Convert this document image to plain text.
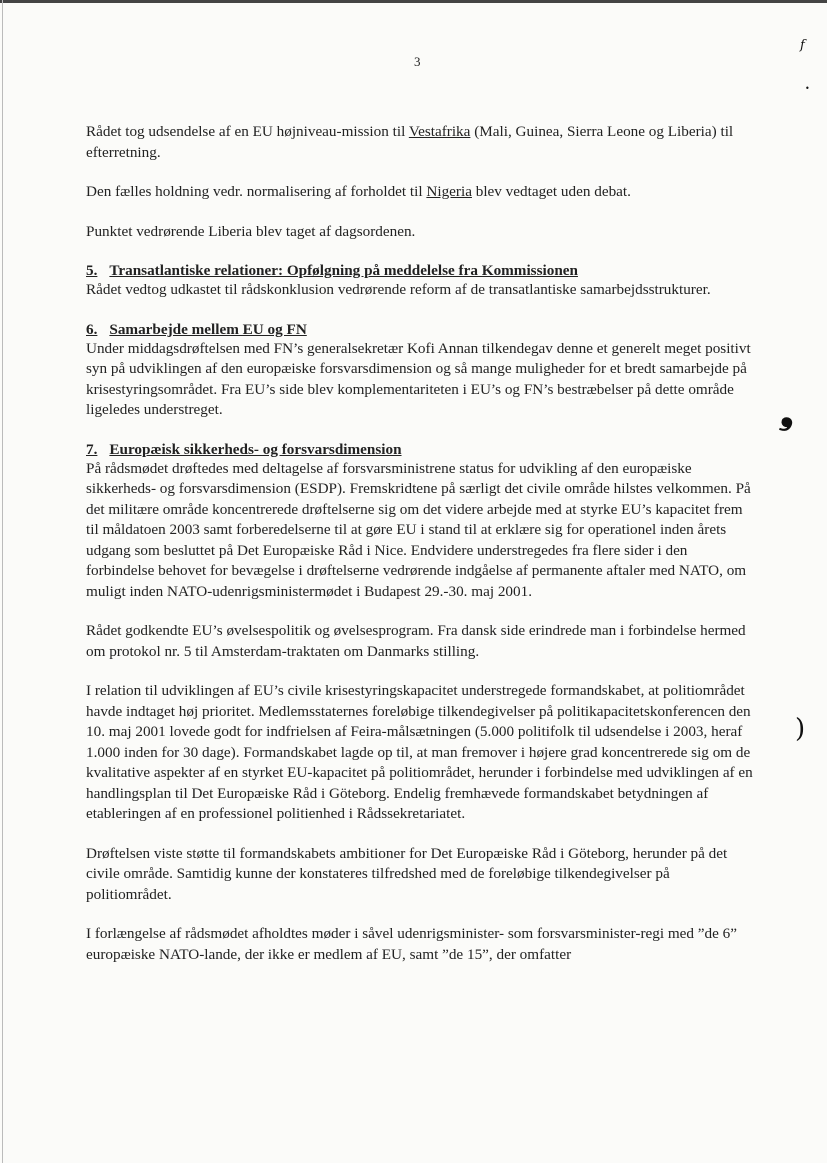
f
•
❟
)
3

Rådet tog udsendelse af en EU højniveau-mission til Vestafrika (Mali, Guinea, Sierra Leone og Liberia) til efterretning.

Den fælles holdning vedr. normalisering af forholdet til Nigeria blev vedtaget uden debat.

Punktet vedrørende Liberia blev taget af dagsordenen.

5. Transatlantiske relationer: Opfølgning på meddelelse fra Kommissionen

Rådet vedtog udkastet til rådskonklusion vedrørende reform af de transatlantiske samarbejdsstrukturer.

6. Samarbejde mellem EU og FN

Under middagsdrøftelsen med FN’s generalsekretær Kofi Annan tilkendegav denne et generelt meget positivt syn på udviklingen af den europæiske forsvarsdimension og så mange muligheder for et bredt samarbejde på krisestyringsområdet. Fra EU’s side blev komplementariteten i EU’s og FN’s bestræbelser på dette område ligeledes understreget.

7. Europæisk sikkerheds- og forsvarsdimension

På rådsmødet drøftedes med deltagelse af forsvarsministrene status for udvikling af den europæiske sikkerheds- og forsvarsdimension (ESDP). Fremskridtene på særligt det civile område hilstes velkommen. På det militære område koncentrerede drøftelserne sig om det videre arbejde med at styrke EU’s kapacitet frem til måldatoen 2003 samt forberedelserne til at gøre EU i stand til at erklære sig for operationel inden årets udgang som besluttet på Det Europæiske Råd i Nice. Endvidere understregedes fra flere sider i den forbindelse behovet for bevægelse i drøftelserne vedrørende indgåelse af permanente aftaler med NATO, om muligt inden NATO-udenrigsministermødet i Budapest 29.-30. maj 2001.

Rådet godkendte EU’s øvelsespolitik og øvelsesprogram. Fra dansk side erindrede man i forbindelse hermed om protokol nr. 5 til Amsterdam-traktaten om Danmarks stilling.

I relation til udviklingen af EU’s civile krisestyringskapacitet understregede formandskabet, at politiområdet havde indtaget høj prioritet. Medlemsstaternes foreløbige tilkendegivelser på politikapacitetskonferencen den 10. maj 2001 lovede godt for indfrielsen af Feira-målsætningen (5.000 politifolk til udsendelse i 2003, heraf 1.000 inden for 30 dage). Formandskabet lagde op til, at man fremover i højere grad koncentrerede sig om de kvalitative aspekter af en styrket EU-kapacitet på politiområdet, herunder i forbindelse med udviklingen af en handlingsplan til Det Europæiske Råd i Göteborg. Endelig fremhævede formandskabet betydningen af etableringen af en professionel politienhed i Rådssekretariatet.

Drøftelsen viste støtte til formandskabets ambitioner for Det Europæiske Råd i Göteborg, herunder på det civile område. Samtidig kunne der konstateres tilfredshed med de foreløbige tilkendegivelser på politiområdet.

I forlængelse af rådsmødet afholdtes møder i såvel udenrigsminister- som forsvarsminister-regi med ”de 6” europæiske NATO-lande, der ikke er medlem af EU, samt ”de 15”, der omfatter
